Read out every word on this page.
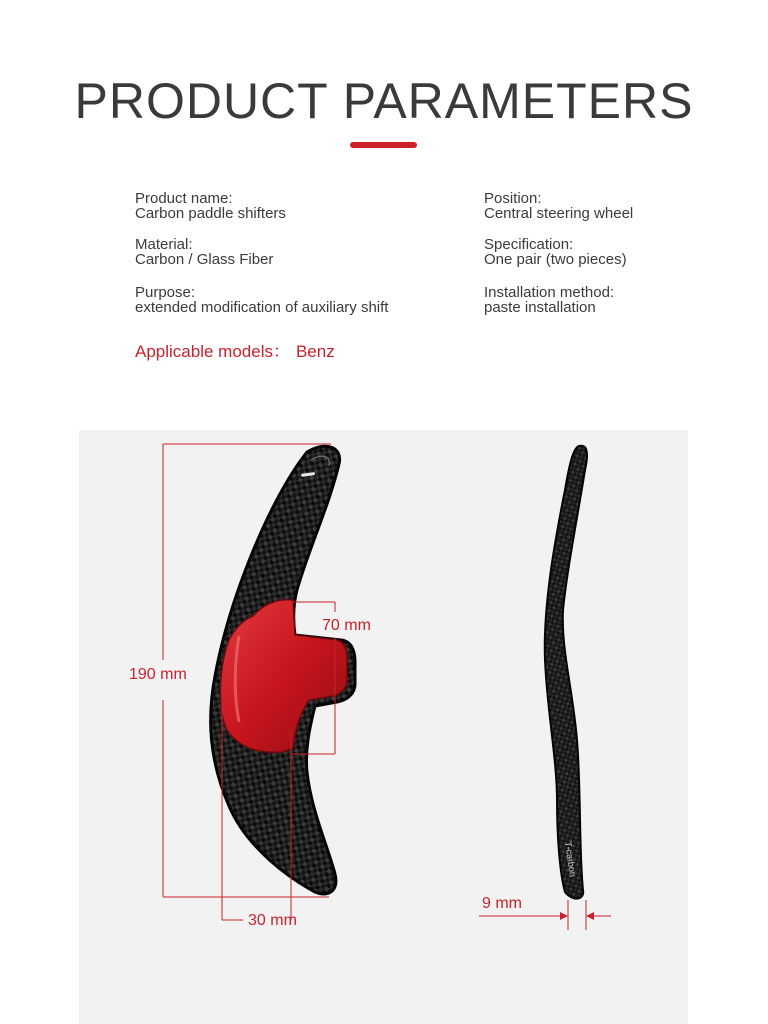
PRODUCT PARAMETERS
Product name:
Carbon paddle shifters
Position:
Central steering wheel
Material:
Carbon / Glass Fiber
Specification:
One pair (two pieces)
Purpose:
extended modification of auxiliary shift
Installation method:
paste installation
Applicable models： Benz
T-carbon
190 mm
70 mm
30 mm
9 mm
